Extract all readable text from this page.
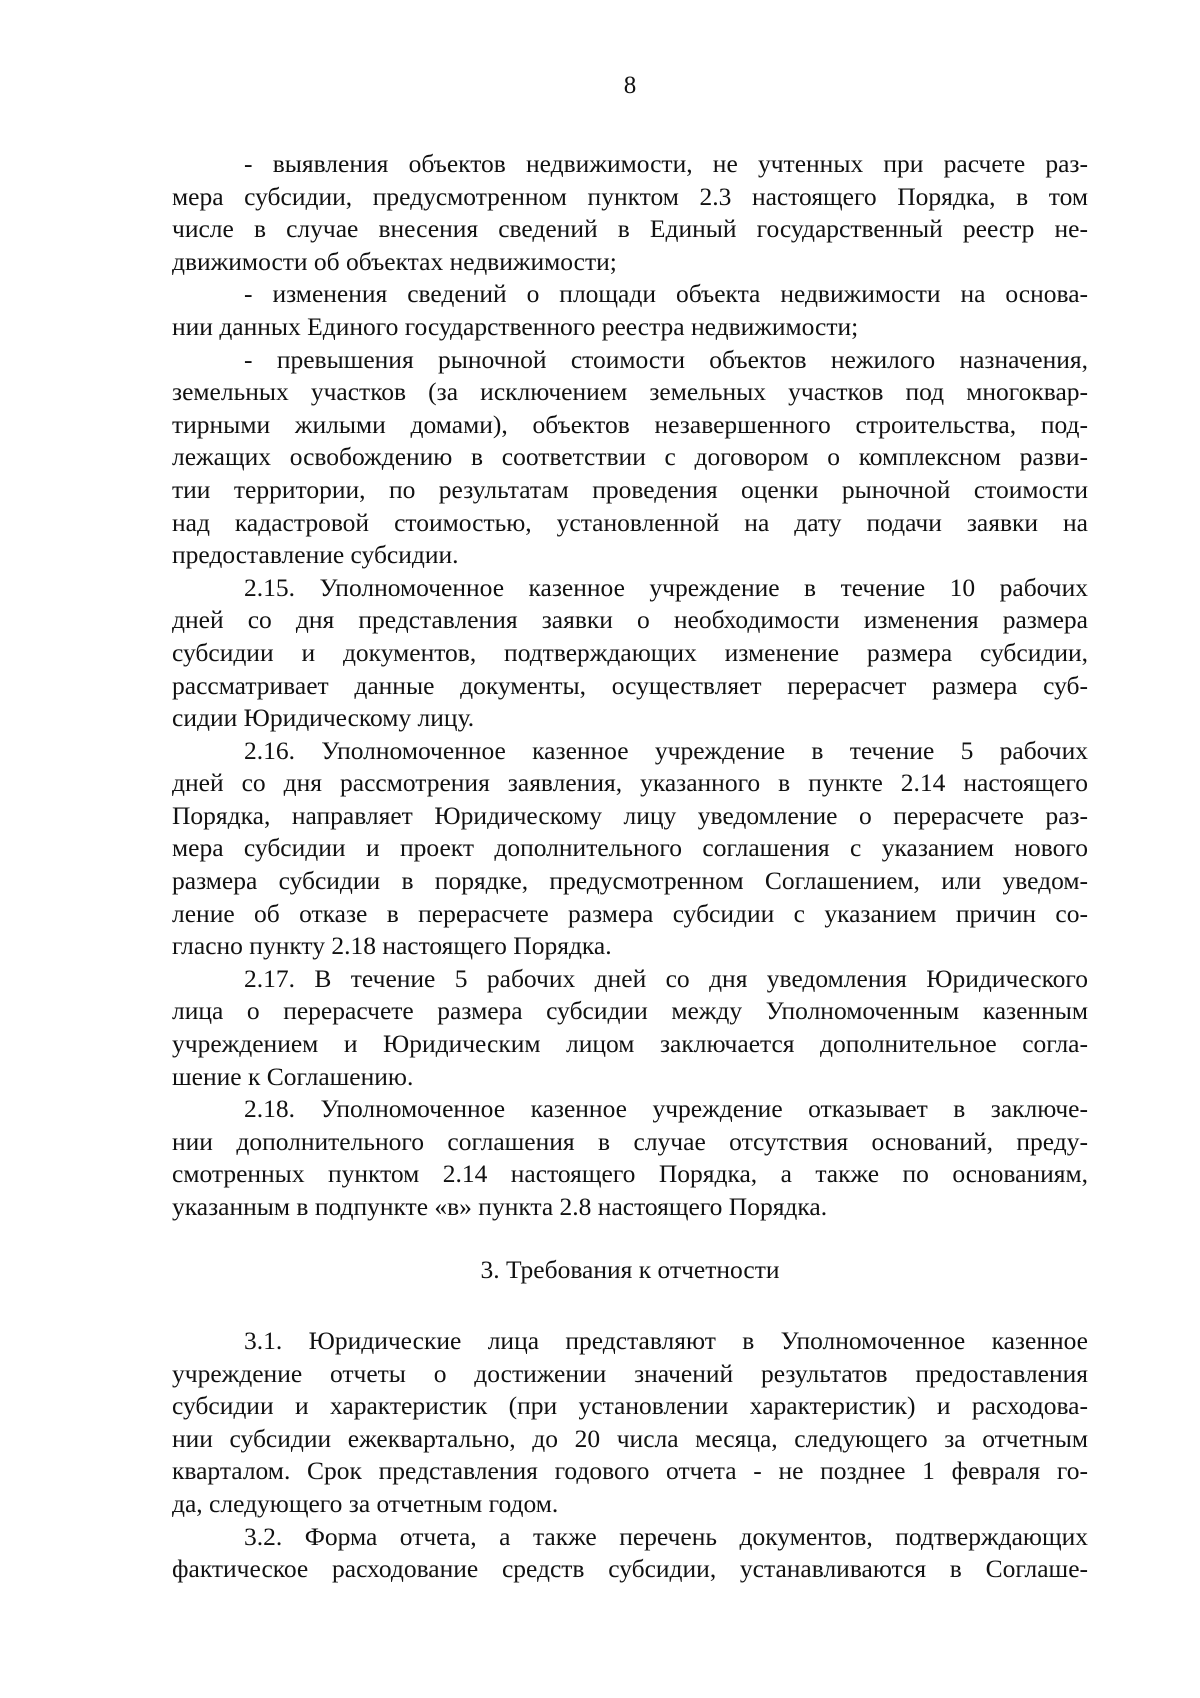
8
- выявления объектов недвижимости, не учтенных при расчете раз-
мера субсидии, предусмотренном пунктом 2.3 настоящего Порядка, в том
числе в случае внесения сведений в Единый государственный реестр не-
движимости об объектах недвижимости;
- изменения сведений о площади объекта недвижимости на основа-
нии данных Единого государственного реестра недвижимости;
- превышения рыночной стоимости объектов нежилого назначения,
земельных участков (за исключением земельных участков под многоквар-
тирными жилыми домами), объектов незавершенного строительства, под-
лежащих освобождению в соответствии с договором о комплексном разви-
тии территории, по результатам проведения оценки рыночной стоимости
над кадастровой стоимостью, установленной на дату подачи заявки на
предоставление субсидии.
2.15. Уполномоченное казенное учреждение в течение 10 рабочих
дней со дня представления заявки о необходимости изменения размера
субсидии и документов, подтверждающих изменение размера субсидии,
рассматривает данные документы, осуществляет перерасчет размера суб-
сидии Юридическому лицу.
2.16. Уполномоченное казенное учреждение в течение 5 рабочих
дней со дня рассмотрения заявления, указанного в пункте 2.14 настоящего
Порядка, направляет Юридическому лицу уведомление о перерасчете раз-
мера субсидии и проект дополнительного соглашения с указанием нового
размера субсидии в порядке, предусмотренном Соглашением, или уведом-
ление об отказе в перерасчете размера субсидии с указанием причин со-
гласно пункту 2.18 настоящего Порядка.
2.17. В течение 5 рабочих дней со дня уведомления Юридического
лица о перерасчете размера субсидии между Уполномоченным казенным
учреждением и Юридическим лицом заключается дополнительное согла-
шение к Соглашению.
2.18. Уполномоченное казенное учреждение отказывает в заключе-
нии дополнительного соглашения в случае отсутствия оснований, преду-
смотренных пунктом 2.14 настоящего Порядка, а также по основаниям,
указанным в подпункте «в» пункта 2.8 настоящего Порядка.
3. Требования к отчетности
3.1. Юридические лица представляют в Уполномоченное казенное
учреждение отчеты о достижении значений результатов предоставления
субсидии и характеристик (при установлении характеристик) и расходова-
нии субсидии ежеквартально, до 20 числа месяца, следующего за отчетным
кварталом. Срок представления годового отчета - не позднее 1 февраля го-
да, следующего за отчетным годом.
3.2. Форма отчета, а также перечень документов, подтверждающих
фактическое расходование средств субсидии, устанавливаются в Соглаше-
